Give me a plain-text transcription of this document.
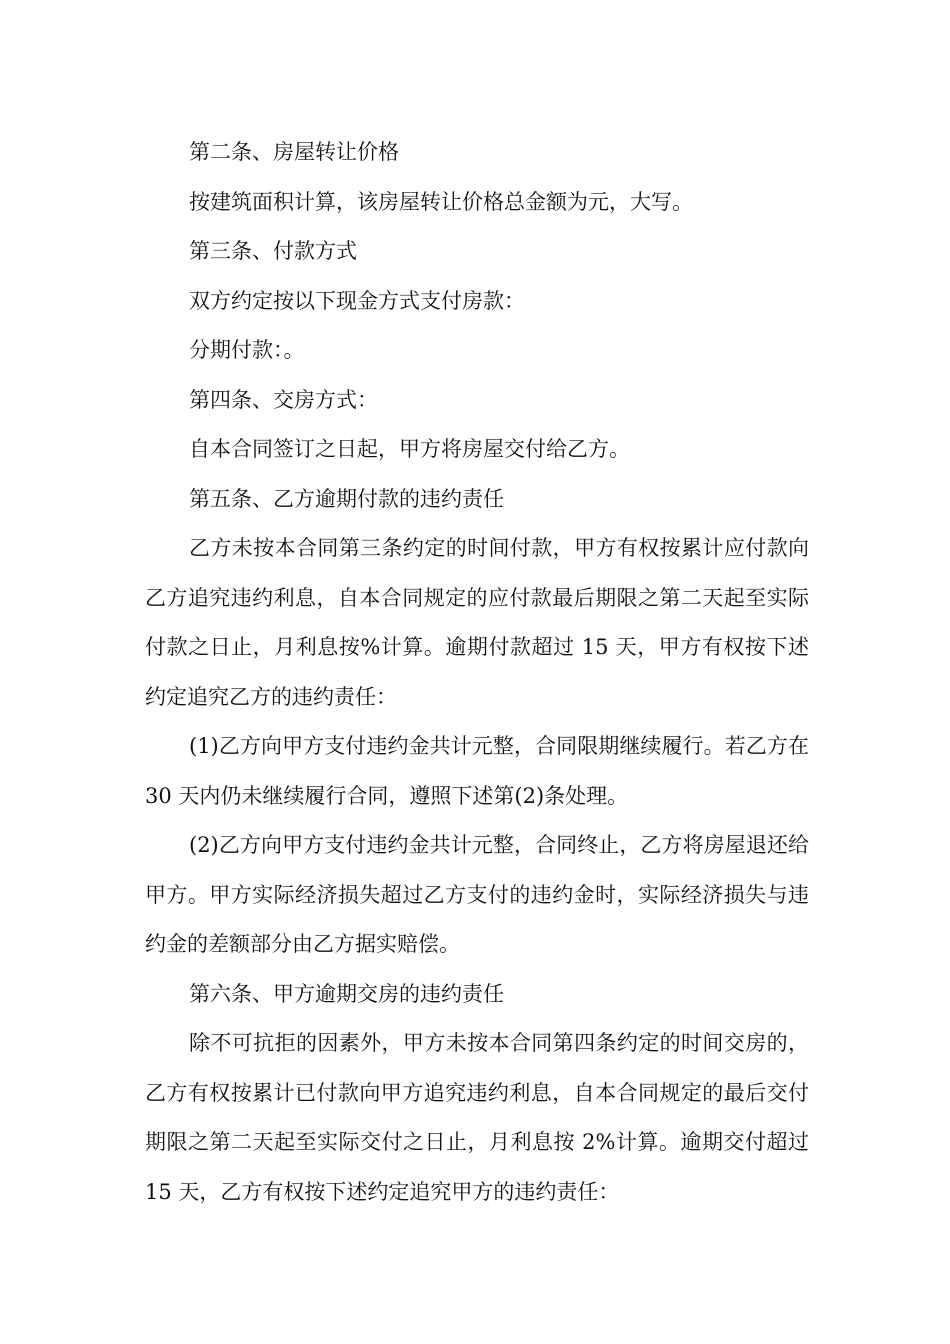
第二条、房屋转让价格

按建筑面积计算，该房屋转让价格总金额为元，大写。

第三条、付款方式

双方约定按以下现金方式支付房款：

分期付款：。

第四条、交房方式：

自本合同签订之日起，甲方将房屋交付给乙方。

第五条、乙方逾期付款的违约责任

乙方未按本合同第三条约定的时间付款，甲方有权按累计应付款向乙方追究违约利息，自本合同规定的应付款最后期限之第二天起至实际付款之日止，月利息按%计算。逾期付款超过 15 天，甲方有权按下述约定追究乙方的违约责任：

(1)乙方向甲方支付违约金共计元整，合同限期继续履行。若乙方在 30 天内仍未继续履行合同，遵照下述第(2)条处理。

(2)乙方向甲方支付违约金共计元整，合同终止，乙方将房屋退还给甲方。甲方实际经济损失超过乙方支付的违约金时，实际经济损失与违约金的差额部分由乙方据实赔偿。

第六条、甲方逾期交房的违约责任

除不可抗拒的因素外，甲方未按本合同第四条约定的时间交房的，乙方有权按累计已付款向甲方追究违约利息，自本合同规定的最后交付期限之第二天起至实际交付之日止，月利息按 2%计算。逾期交付超过 15 天，乙方有权按下述约定追究甲方的违约责任：
